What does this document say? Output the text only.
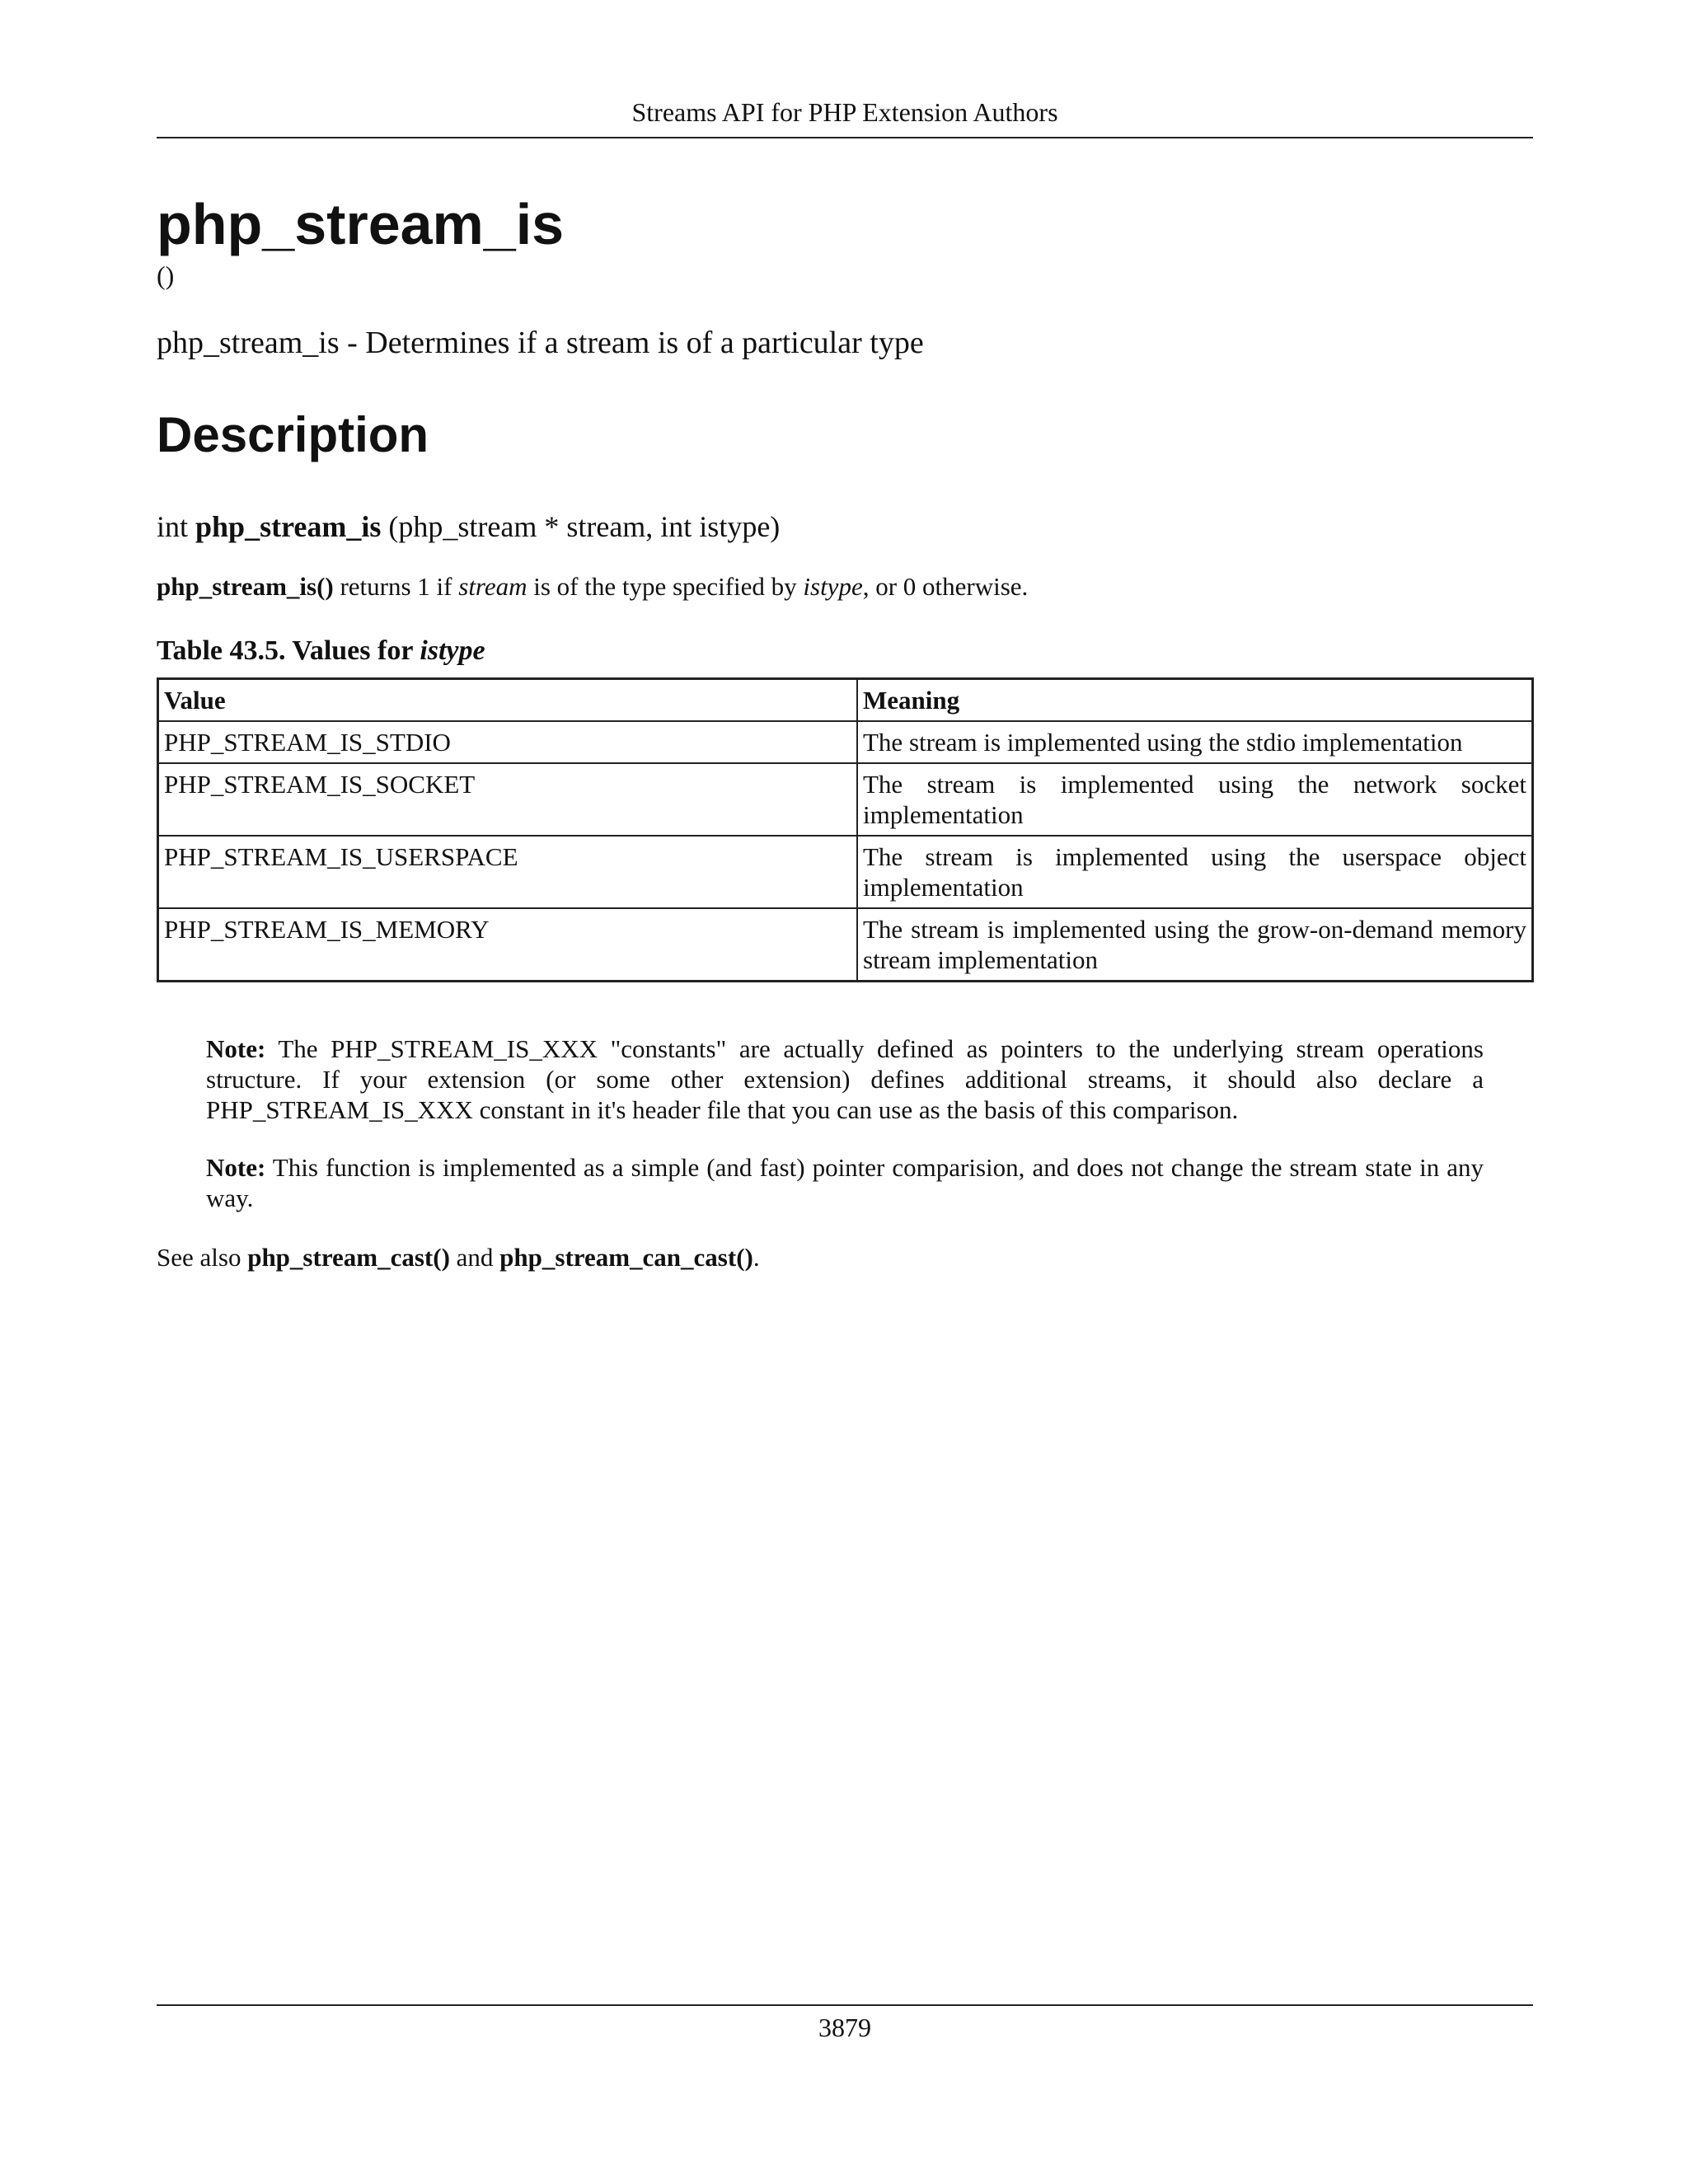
Streams API for PHP Extension Authors
php_stream_is
()
php_stream_is - Determines if a stream is of a particular type
Description
int php_stream_is (php_stream * stream, int istype)
php_stream_is() returns 1 if stream is of the type specified by istype, or 0 otherwise.
Table 43.5. Values for istype
Value	Meaning
PHP_STREAM_IS_STDIO	The stream is implemented using the stdio implementation
PHP_STREAM_IS_SOCKET	The stream is implemented using the network socket implementation
PHP_STREAM_IS_USERSPACE	The stream is implemented using the userspace object implementation
PHP_STREAM_IS_MEMORY	The stream is implemented using the grow-on-demand memory stream implementation
Note: The PHP_STREAM_IS_XXX "constants" are actually defined as pointers to the underlying stream operations structure. If your extension (or some other extension) defines additional streams, it should also declare a PHP_STREAM_IS_XXX constant in it's header file that you can use as the basis of this comparison.
Note: This function is implemented as a simple (and fast) pointer comparision, and does not change the stream state in any way.
See also php_stream_cast() and php_stream_can_cast().
3879
